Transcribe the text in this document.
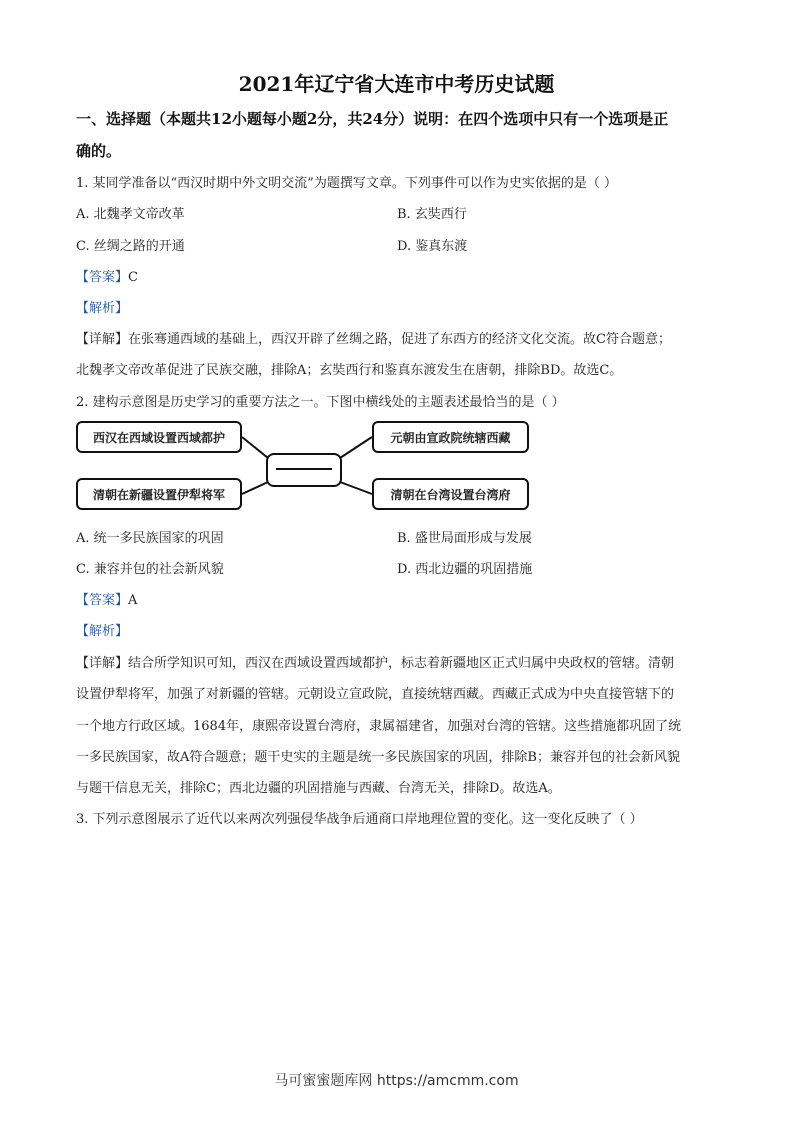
2021年辽宁省大连市中考历史试题
一、选择题（本题共12小题每小题2分，共24分）说明：在四个选项中只有一个选项是正
确的。
1. 某同学准备以“西汉时期中外文明交流”为题撰写文章。下列事件可以作为史实依据的是（ ）
A. 北魏孝文帝改革	B. 玄奘西行
C. 丝绸之路的开通	D. 鉴真东渡
【答案】C
【解析】
【详解】在张骞通西域的基础上，西汉开辟了丝绸之路，促进了东西方的经济文化交流。故C符合题意；
北魏孝文帝改革促进了民族交融，排除A；玄奘西行和鉴真东渡发生在唐朝，排除BD。故选C。
2. 建构示意图是历史学习的重要方法之一。下图中横线处的主题表述最恰当的是（ ）
西汉在西域设置西域都护	元朝由宣政院统辖西藏
清朝在新疆设置伊犁将军	清朝在台湾设置台湾府
A. 统一多民族国家的巩固	B. 盛世局面形成与发展
C. 兼容并包的社会新风貌	D. 西北边疆的巩固措施
【答案】A
【解析】
【详解】结合所学知识可知，西汉在西域设置西域都护，标志着新疆地区正式归属中央政权的管辖。清朝
设置伊犁将军，加强了对新疆的管辖。元朝设立宣政院，直接统辖西藏。西藏正式成为中央直接管辖下的
一个地方行政区域。1684年，康熙帝设置台湾府，隶属福建省，加强对台湾的管辖。这些措施都巩固了统
一多民族国家，故A符合题意；题干史实的主题是统一多民族国家的巩固，排除B；兼容并包的社会新风貌
与题干信息无关，排除C；西北边疆的巩固措施与西藏、台湾无关，排除D。故选A。
3. 下列示意图展示了近代以来两次列强侵华战争后通商口岸地理位置的变化。这一变化反映了（ ）
马可蜜蜜题库网 https://amcmm.com
